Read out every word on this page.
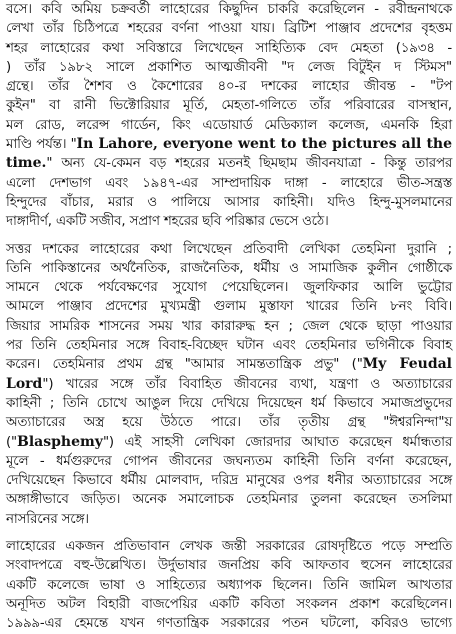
বসে। কবি অমিয় চক্রবর্তী লাহোরের কিছুদিন চাকরি করেছিলেন - রবীন্দ্রনাথকে
লেখা তাঁর চিঠিপত্রে শহরের বর্ণনা পাওয়া যায়। ব্রিটিশ পাঞ্জাব প্রদেশের বৃহত্তম
শহর লাহোরের কথা সবিস্তারে লিখেছেন সাহিত্যিক বেদ মেহতা (১৯৩৪ -
) তাঁর ১৯৮২ সালে প্রকাশিত আত্মজীবনী "দ লেজ বিটুইন দ স্টিমস"
গ্রন্থে। তাঁর শৈশব ও কৈশোরের ৪০-র দশকের লাহোর জীবন্ত - "টপ
কুইন" বা রানী ভিক্টোরিয়ার মূর্তি, মেহতা-গলিতে তাঁর পরিবারের বাসস্থান,
মল রোড, লরেন্স গার্ডেন, কিং এডোয়ার্ড মেডিক্যাল কলেজ, এমনকি হিরা
মাণ্ডি পর্যন্ত। "In Lahore, everyone went to the pictures all the
time." অন্য যে-কেমন বড় শহরের মতনই ছিমছাম জীবনযাত্রা - কিন্তু তারপর
এলো দেশভাগ এবং ১৯৪৭-এর সাম্প্রদায়িক দাঙ্গা - লাহোরে ভীত-সন্ত্রস্ত
হিন্দুদের বাঁচার, মরার ও পালিয়ে আসার কাহিনী। যদিও হিন্দু-মুসলমানের
দাঙ্গাদীর্ণ, একটি সজীব, সপ্রাণ শহরের ছবি পরিষ্কার ভেসে ওঠে।
সত্তর দশকের লাহোরের কথা লিখেছেন প্রতিবাদী লেখিকা তেহমিনা দুরানি ;
তিনি পাকিস্তানের অর্থনৈতিক, রাজনৈতিক, ধর্মীয় ও সামাজিক কুলীন গোষ্ঠীকে
সামনে থেকে পর্যবেক্ষণের সুযোগ পেয়েছিলেন। জুলফিকার আলি ভুট্টোর
আমলে পাঞ্জাব প্রদেশের মুখ্যমন্ত্রী গুলাম মুস্তাফা খারের তিনি ৮নং বিবি।
জিয়ার সামরিক শাসনের সময় খার কারারুদ্ধ হন ; জেল থেকে ছাড়া পাওয়ার
পর তিনি তেহমিনার সঙ্গে বিবাহ-বিচ্ছেদ ঘটান এবং তেহমিনার ভগিনীকে বিবাহ
করেন। তেহমিনার প্রথম গ্রন্থ "আমার সামন্ততান্ত্রিক প্রভু" ("My Feudal
Lord") খারের সঙ্গে তাঁর বিবাহিত জীবনের ব্যথা, যন্ত্রণা ও অত্যাচারের
কাহিনী ; তিনি চোখে আঙুল দিয়ে দেখিয়ে দিয়েছেন ধর্ম কিভাবে সমাজপ্রভুদের
অত্যাচারের অস্ত্র হয়ে উঠতে পারে। তাঁর তৃতীয় গ্রন্থ "ঈশ্বরনিন্দা"য়
("Blasphemy") এই সাহসী লেখিকা জোরদার আঘাত করেছেন ধর্মান্ধতার
মূলে - ধর্মগুরুদের গোপন জীবনের জঘন্যতম কাহিনী তিনি বর্ণনা করেছেন,
দেখিয়েছেন কিভাবে ধর্মীয় মোলবাদ, দরিদ্র মানুষের ওপর ধনীর অত্যাচারের সঙ্গে
অঙ্গাঙ্গীভাবে জড়িত। অনেক সমালোচক তেহমিনার তুলনা করেছেন তসলিমা
নাসরিনের সঙ্গে।
লাহোরের একজন প্রতিভাবান লেখক জন্তী সরকারের রোষদৃষ্টিতে পড়ে সম্প্রতি
সংবাদপত্রে বহু-উল্লেখিত। উর্দুভাষার জনপ্রিয় কবি আফতাব হুসেন লাহোরের
একটি কলেজে ভাষা ও সাহিত্যের অধ্যাপক ছিলেন। তিনি জামিল আখতার
অনূদিত অটল বিহারী বাজপেয়ির একটি কবিতা সংকলন প্রকাশ করেছিলেন।
১৯৯৯-এর হেমন্তে যখন গণতান্ত্রিক সরকারের পতন ঘটলো, কবিরও ভাগ্যে
